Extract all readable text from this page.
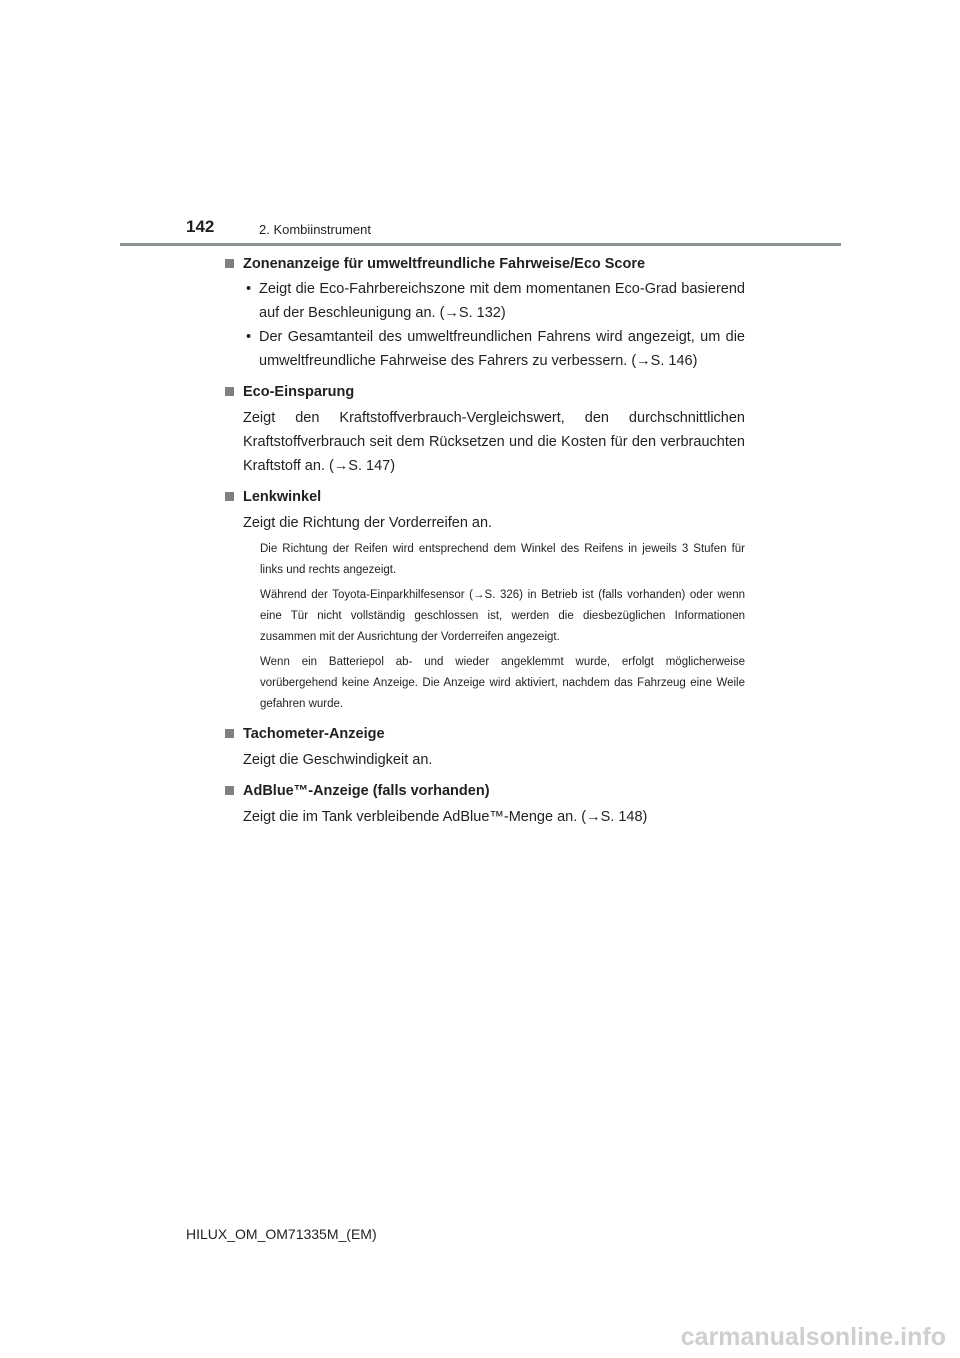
142	2. Kombiinstrument
Zonenanzeige für umweltfreundliche Fahrweise/Eco Score
• Zeigt die Eco-Fahrbereichszone mit dem momentanen Eco-Grad basierend auf der Beschleunigung an. (→S. 132)
• Der Gesamtanteil des umweltfreundlichen Fahrens wird angezeigt, um die umweltfreundliche Fahrweise des Fahrers zu verbessern. (→S. 146)
Eco-Einsparung
Zeigt den Kraftstoffverbrauch-Vergleichswert, den durchschnittlichen Kraftstoffverbrauch seit dem Rücksetzen und die Kosten für den verbrauchten Kraftstoff an. (→S. 147)
Lenkwinkel
Zeigt die Richtung der Vorderreifen an.
Die Richtung der Reifen wird entsprechend dem Winkel des Reifens in jeweils 3 Stufen für links und rechts angezeigt.
Während der Toyota-Einparkhilfesensor (→S. 326) in Betrieb ist (falls vorhanden) oder wenn eine Tür nicht vollständig geschlossen ist, werden die diesbezüglichen Informationen zusammen mit der Ausrichtung der Vorderreifen angezeigt.
Wenn ein Batteriepol ab- und wieder angeklemmt wurde, erfolgt möglicherweise vorübergehend keine Anzeige. Die Anzeige wird aktiviert, nachdem das Fahrzeug eine Weile gefahren wurde.
Tachometer-Anzeige
Zeigt die Geschwindigkeit an.
AdBlue™-Anzeige (falls vorhanden)
Zeigt die im Tank verbleibende AdBlue™-Menge an. (→S. 148)
HILUX_OM_OM71335M_(EM)
carmanualsonline.info
